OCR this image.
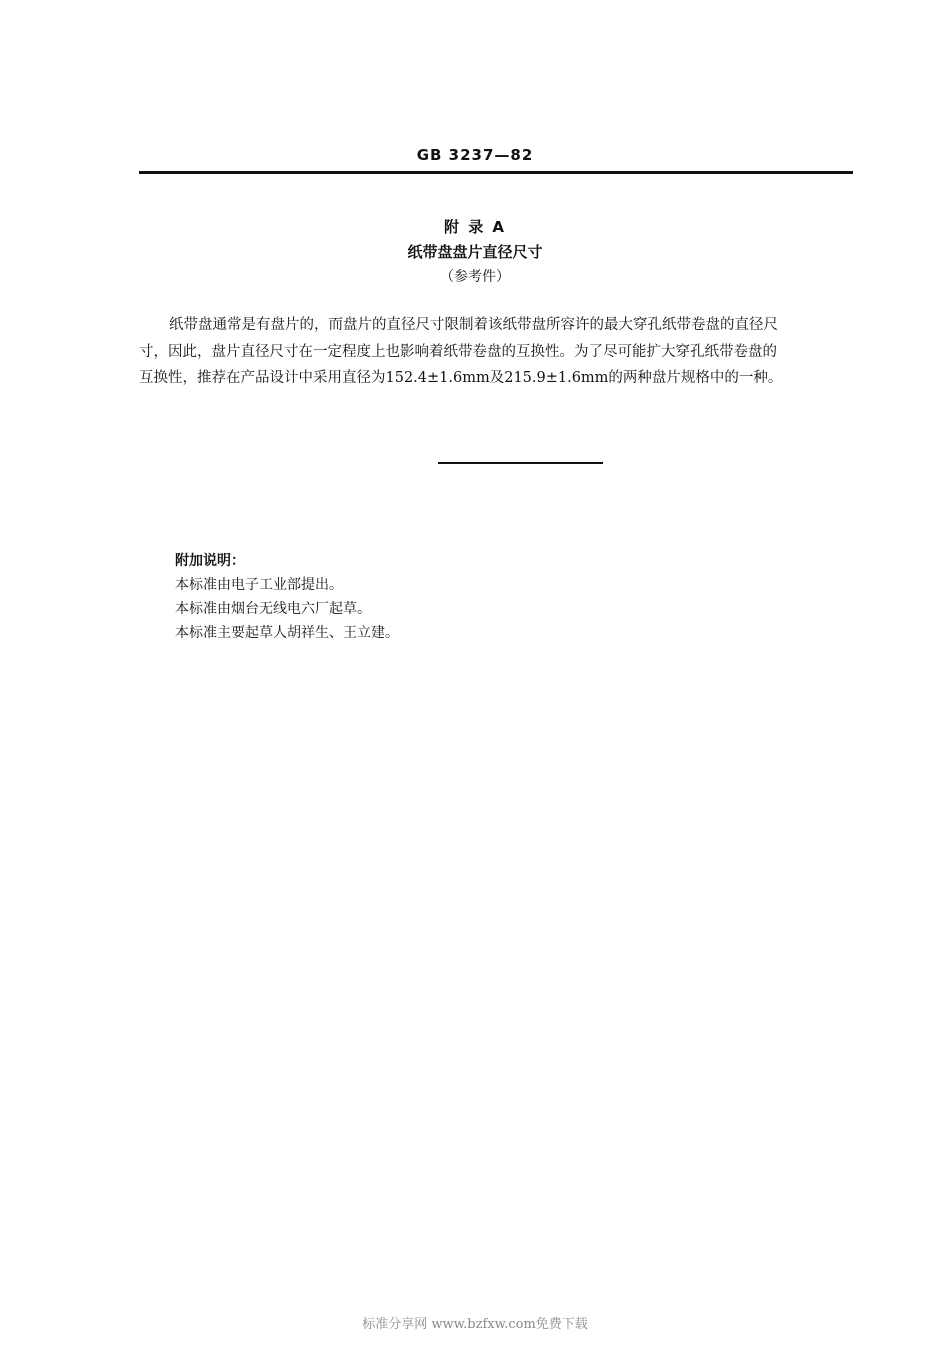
GB 3237—82
附 录 A
纸带盘盘片直径尺寸
（参考件）

纸带盘通常是有盘片的，而盘片的直径尺寸限制着该纸带盘所容许的最大穿孔纸带卷盘的直径尺
寸，因此，盘片直径尺寸在一定程度上也影响着纸带卷盘的互换性。为了尽可能扩大穿孔纸带卷盘的
互换性，推荐在产品设计中采用直径为152.4±1.6mm及215.9±1.6mm的两种盘片规格中的一种。

附加说明：
本标准由电子工业部提出。
本标准由烟台无线电六厂起草。
本标准主要起草人胡祥生、王立建。
标准分享网 www.bzfxw.com免费下载
